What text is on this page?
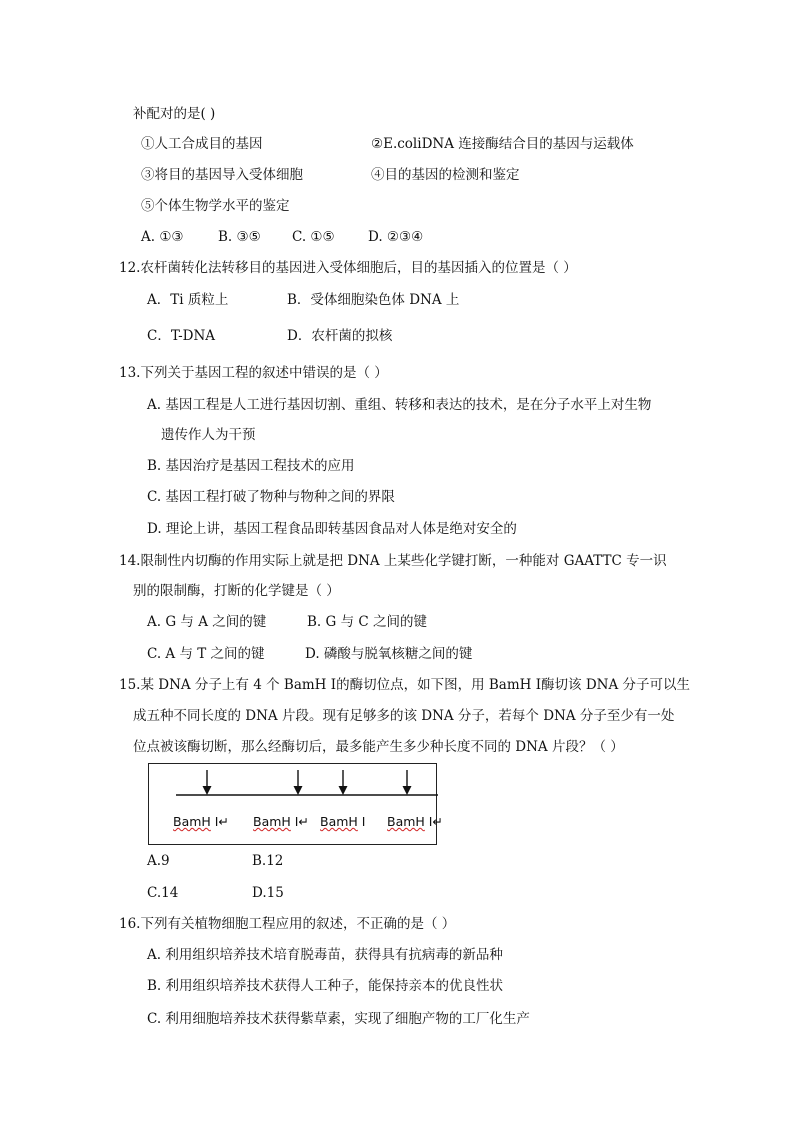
补配对的是( )
①人工合成目的基因	②E.coliDNA 连接酶结合目的基因与运载体
③将目的基因导入受体细胞	④目的基因的检测和鉴定
⑤个体生物学水平的鉴定
A. ①③	B. ③⑤ C. ①⑤ D. ②③④
12.农杆菌转化法转移目的基因进入受体细胞后，目的基因插入的位置是（ ）
A．Ti 质粒上	B．受体细胞染色体 DNA 上
C．T-DNA	D．农杆菌的拟核
13.下列关于基因工程的叙述中错误的是（ ）
A. 基因工程是人工进行基因切割、重组、转移和表达的技术，是在分子水平上对生物
遗传作人为干预
B. 基因治疗是基因工程技术的应用
C. 基因工程打破了物种与物种之间的界限
D. 理论上讲，基因工程食品即转基因食品对人体是绝对安全的
14.限制性内切酶的作用实际上就是把 DNA 上某些化学键打断，一种能对 GAATTC 专一识
别的限制酶，打断的化学键是（ ）
A. G 与 A 之间的键	B. G 与 C 之间的键
C. A 与 T 之间的键	D. 磷酸与脱氧核糖之间的键
15.某 DNA 分子上有 4 个 BamH Ⅰ的酶切位点，如下图，用 BamH Ⅰ酶切该 DNA 分子可以生
成五种不同长度的 DNA 片段。现有足够多的该 DNA 分子，若每个 DNA 分子至少有一处
位点被该酶切断，那么经酶切后，最多能产生多少种长度不同的 DNA 片段？（ ）
BamH I↵ BamH I↵ BamH I BamH I↵
A.9	B.12
C.14	D.15
16.下列有关植物细胞工程应用的叙述，不正确的是（ ）
A. 利用组织培养技术培育脱毒苗，获得具有抗病毒的新品种
B. 利用组织培养技术获得人工种子，能保持亲本的优良性状
C. 利用细胞培养技术获得紫草素，实现了细胞产物的工厂化生产
